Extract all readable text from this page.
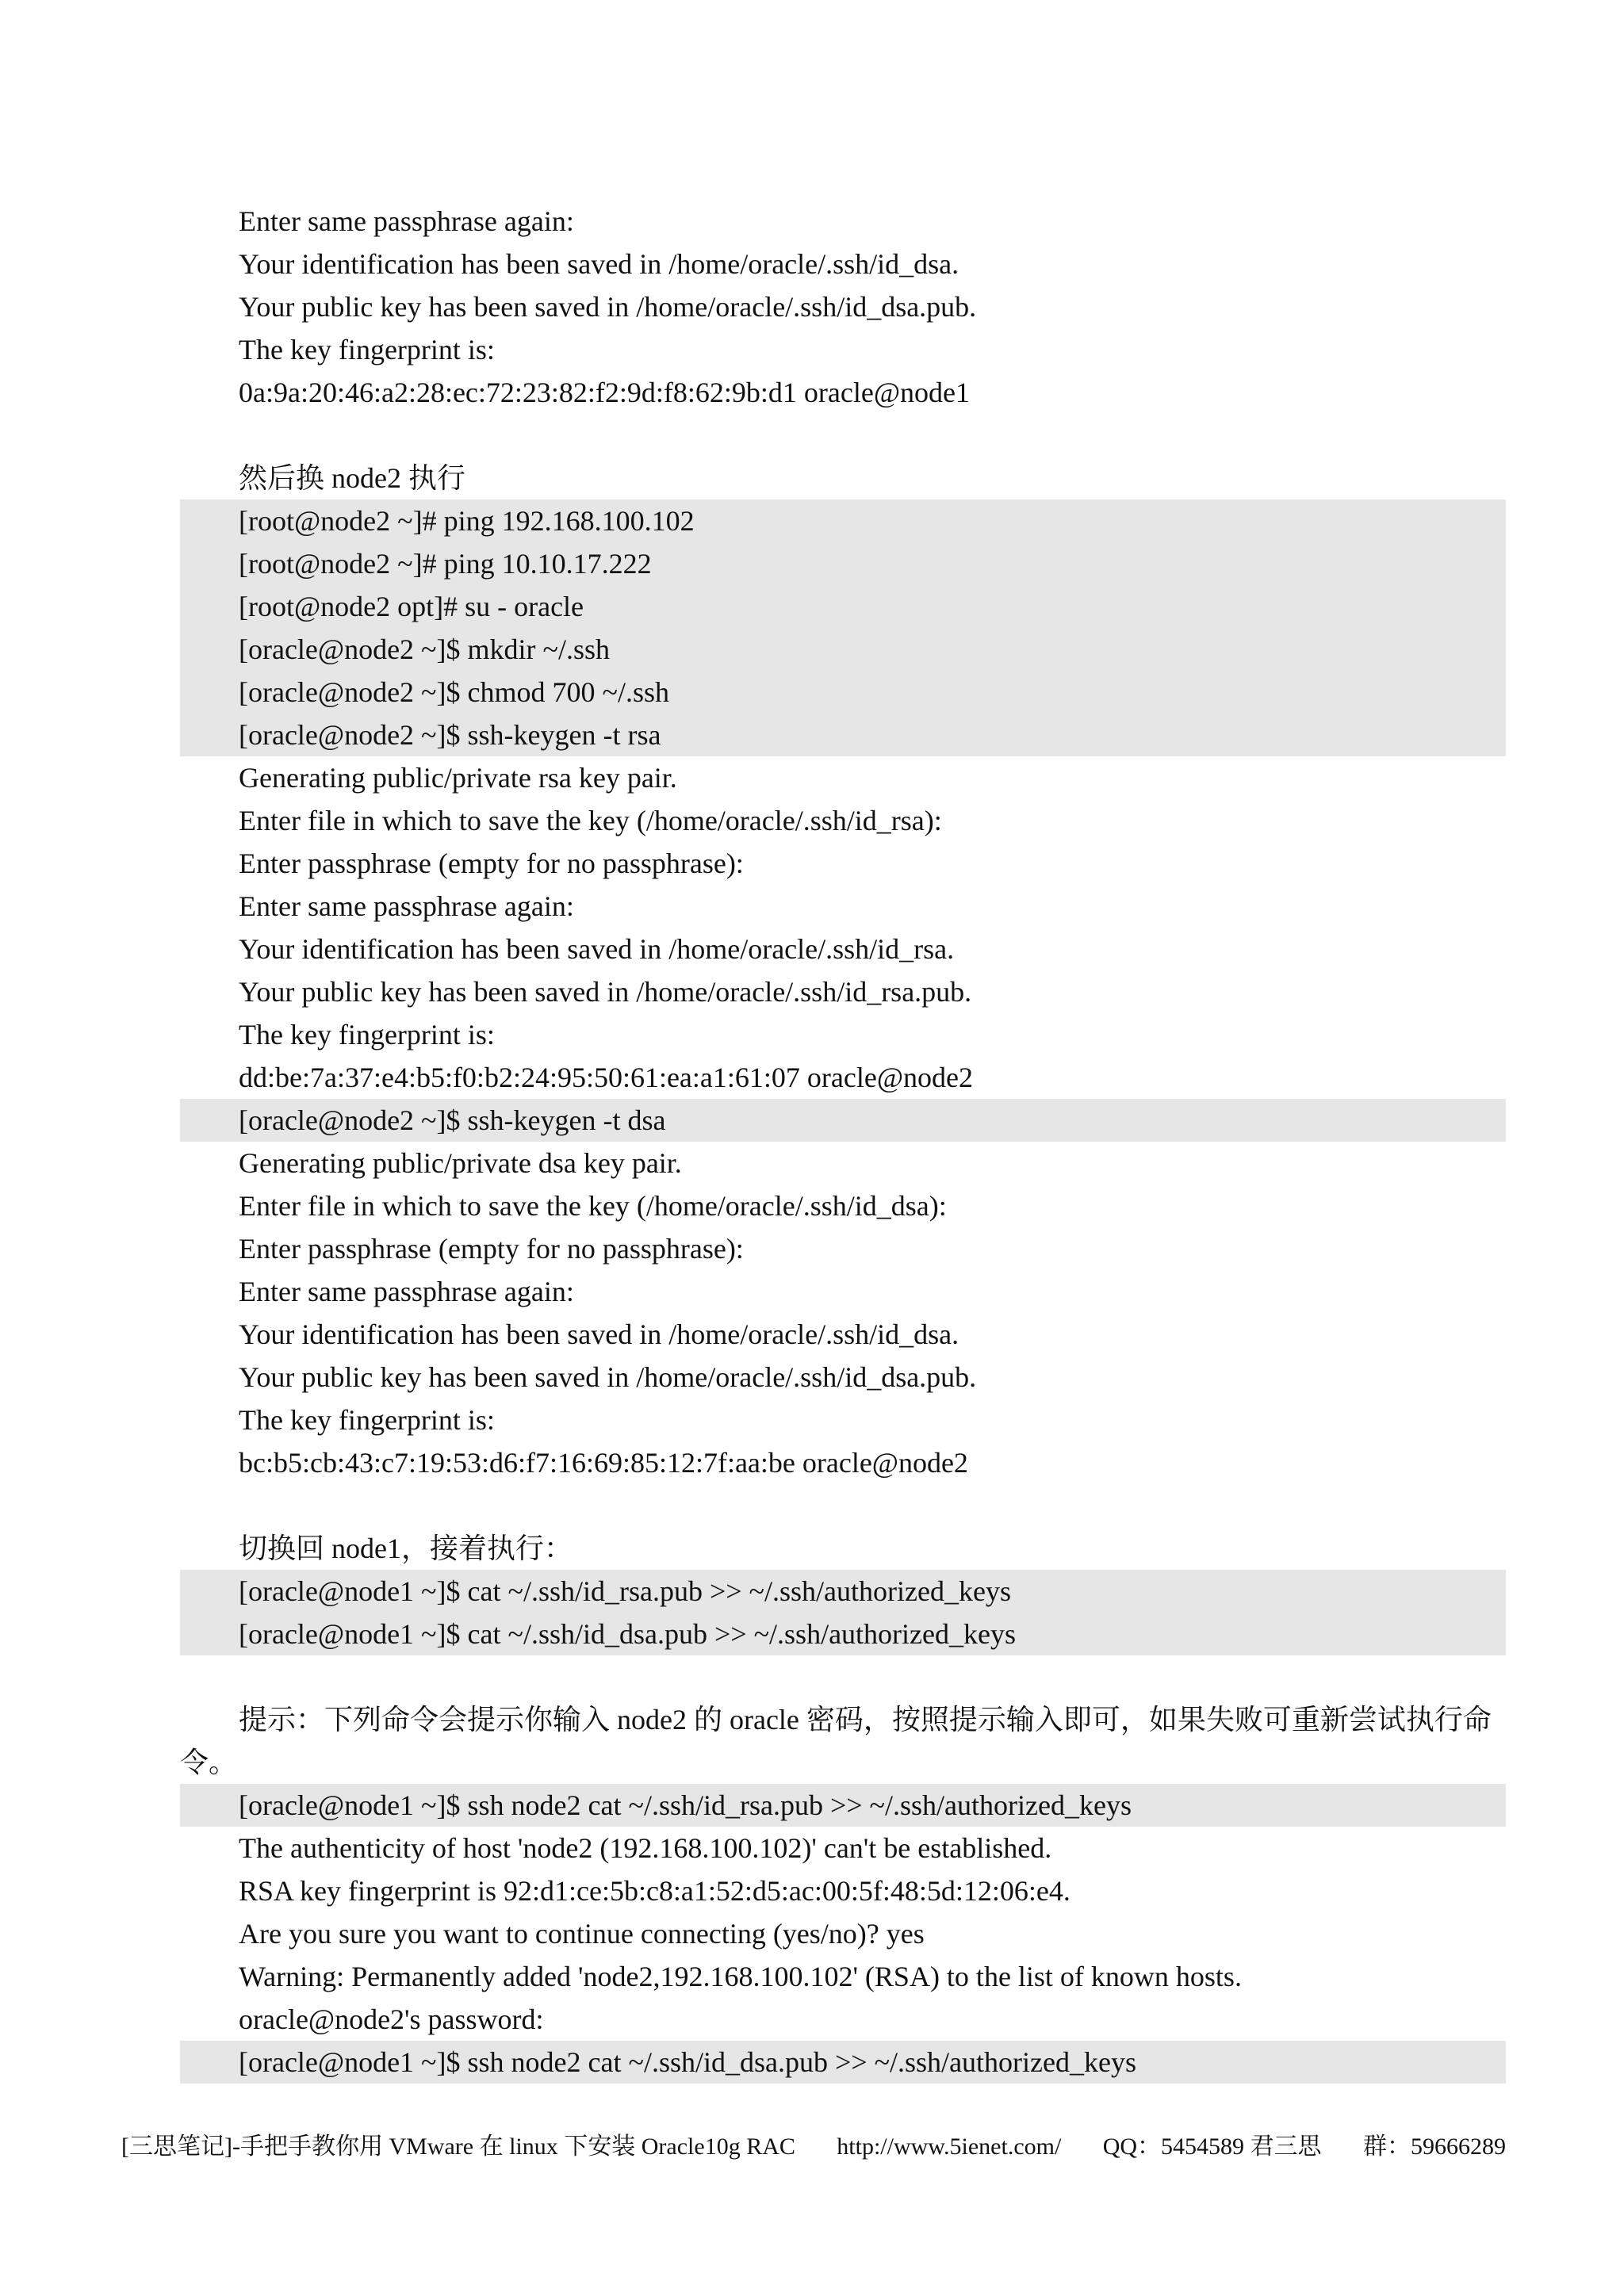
Enter same passphrase again:
Your identification has been saved in /home/oracle/.ssh/id_dsa.
Your public key has been saved in /home/oracle/.ssh/id_dsa.pub.
The key fingerprint is:
0a:9a:20:46:a2:28:ec:72:23:82:f2:9d:f8:62:9b:d1 oracle@node1
然后换 node2 执行
[root@node2 ~]# ping 192.168.100.102
[root@node2 ~]# ping 10.10.17.222
[root@node2 opt]# su - oracle
[oracle@node2 ~]$ mkdir ~/.ssh
[oracle@node2 ~]$ chmod 700 ~/.ssh
[oracle@node2 ~]$ ssh-keygen -t rsa
Generating public/private rsa key pair.
Enter file in which to save the key (/home/oracle/.ssh/id_rsa):
Enter passphrase (empty for no passphrase):
Enter same passphrase again:
Your identification has been saved in /home/oracle/.ssh/id_rsa.
Your public key has been saved in /home/oracle/.ssh/id_rsa.pub.
The key fingerprint is:
dd:be:7a:37:e4:b5:f0:b2:24:95:50:61:ea:a1:61:07 oracle@node2
[oracle@node2 ~]$ ssh-keygen -t dsa
Generating public/private dsa key pair.
Enter file in which to save the key (/home/oracle/.ssh/id_dsa):
Enter passphrase (empty for no passphrase):
Enter same passphrase again:
Your identification has been saved in /home/oracle/.ssh/id_dsa.
Your public key has been saved in /home/oracle/.ssh/id_dsa.pub.
The key fingerprint is:
bc:b5:cb:43:c7:19:53:d6:f7:16:69:85:12:7f:aa:be oracle@node2
切换回 node1，接着执行：
[oracle@node1 ~]$ cat ~/.ssh/id_rsa.pub >> ~/.ssh/authorized_keys
[oracle@node1 ~]$ cat ~/.ssh/id_dsa.pub >> ~/.ssh/authorized_keys
提示：下列命令会提示你输入 node2 的 oracle 密码，按照提示输入即可，如果失败可重新尝试执行命令。
[oracle@node1 ~]$ ssh node2 cat ~/.ssh/id_rsa.pub >> ~/.ssh/authorized_keys
The authenticity of host 'node2 (192.168.100.102)' can't be established.
RSA key fingerprint is 92:d1:ce:5b:c8:a1:52:d5:ac:00:5f:48:5d:12:06:e4.
Are you sure you want to continue connecting (yes/no)? yes
Warning: Permanently added 'node2,192.168.100.102' (RSA) to the list of known hosts.
oracle@node2's password:
[oracle@node1 ~]$ ssh node2 cat ~/.ssh/id_dsa.pub >> ~/.ssh/authorized_keys
[三思笔记]-手把手教你用 VMware 在 linux 下安装 Oracle10g RAC http://www.5ienet.com/ QQ：5454589 君三思 群：59666289
